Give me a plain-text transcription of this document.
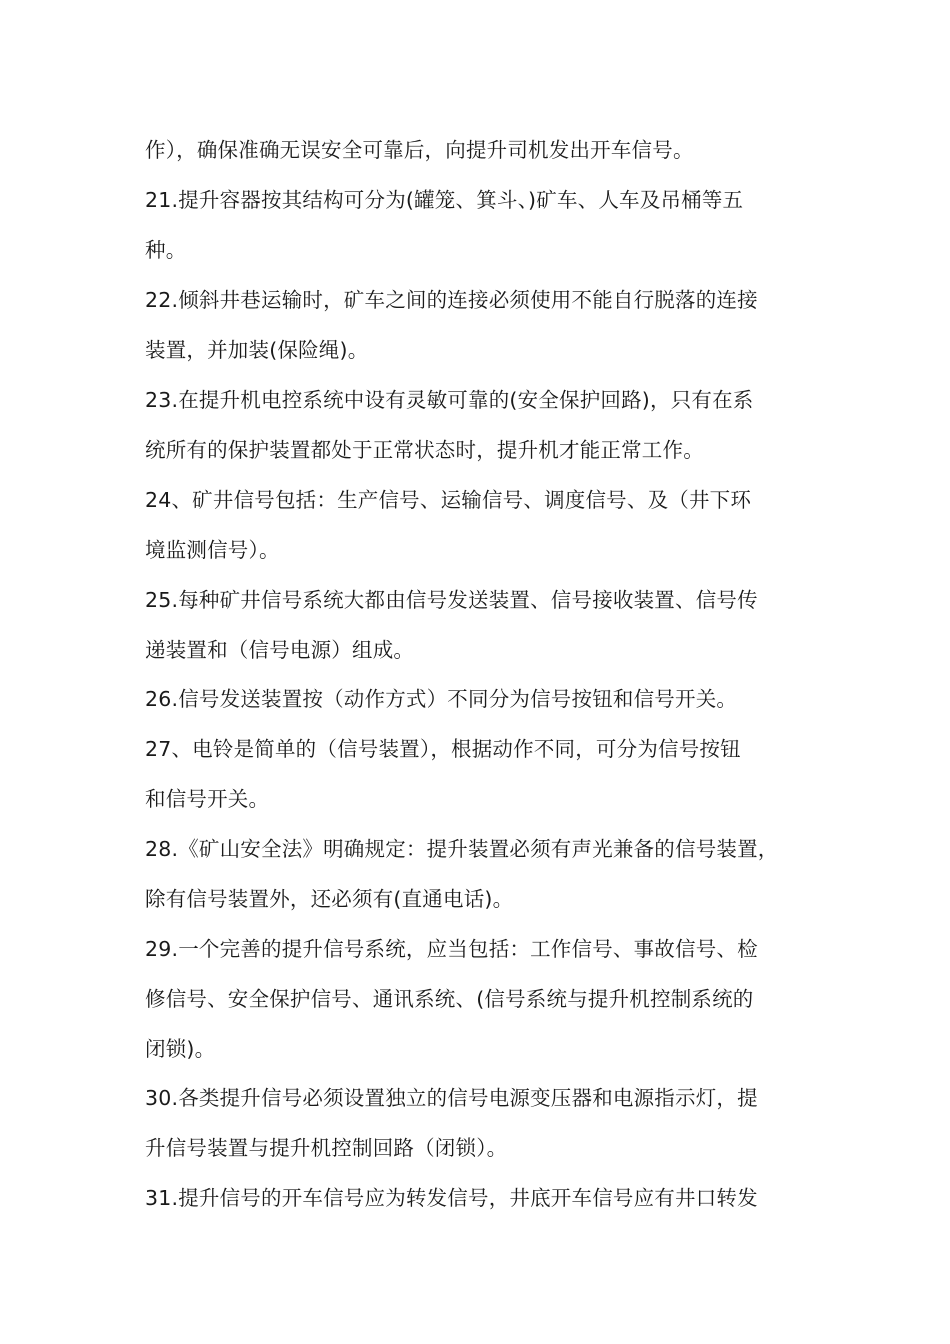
作），确保准确无误安全可靠后，向提升司机发出开车信号。
21.提升容器按其结构可分为(罐笼、箕斗、)矿车、人车及吊桶等五
种。
22.倾斜井巷运输时，矿车之间的连接必须使用不能自行脱落的连接
装置，并加装(保险绳)。
23.在提升机电控系统中设有灵敏可靠的(安全保护回路)，只有在系
统所有的保护装置都处于正常状态时，提升机才能正常工作。
24、矿井信号包括：生产信号、运输信号、调度信号、及（井下环
境监测信号）。
25.每种矿井信号系统大都由信号发送装置、信号接收装置、信号传
递装置和（信号电源）组成。
26.信号发送装置按（动作方式）不同分为信号按钮和信号开关。
27、电铃是简单的（信号装置），根据动作不同，可分为信号按钮
和信号开关。
28.《矿山安全法》明确规定：提升装置必须有声光兼备的信号装置，
除有信号装置外，还必须有(直通电话)。
29.一个完善的提升信号系统，应当包括：工作信号、事故信号、检
修信号、安全保护信号、通讯系统、(信号系统与提升机控制系统的
闭锁)。
30.各类提升信号必须设置独立的信号电源变压器和电源指示灯，提
升信号装置与提升机控制回路（闭锁）。
31.提升信号的开车信号应为转发信号，井底开车信号应有井口转发
